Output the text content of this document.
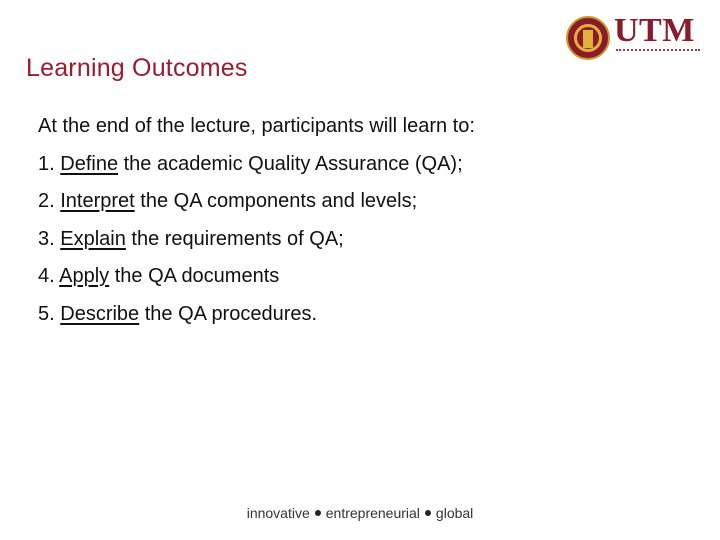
Learning Outcomes
UTM
At the end of the lecture, participants will learn to:
1. Define the academic Quality Assurance (QA);
2. Interpret the QA components and levels;
3. Explain the requirements of QA;
4. Apply the QA documents
5. Describe the QA procedures.
innovative entrepreneurial global
